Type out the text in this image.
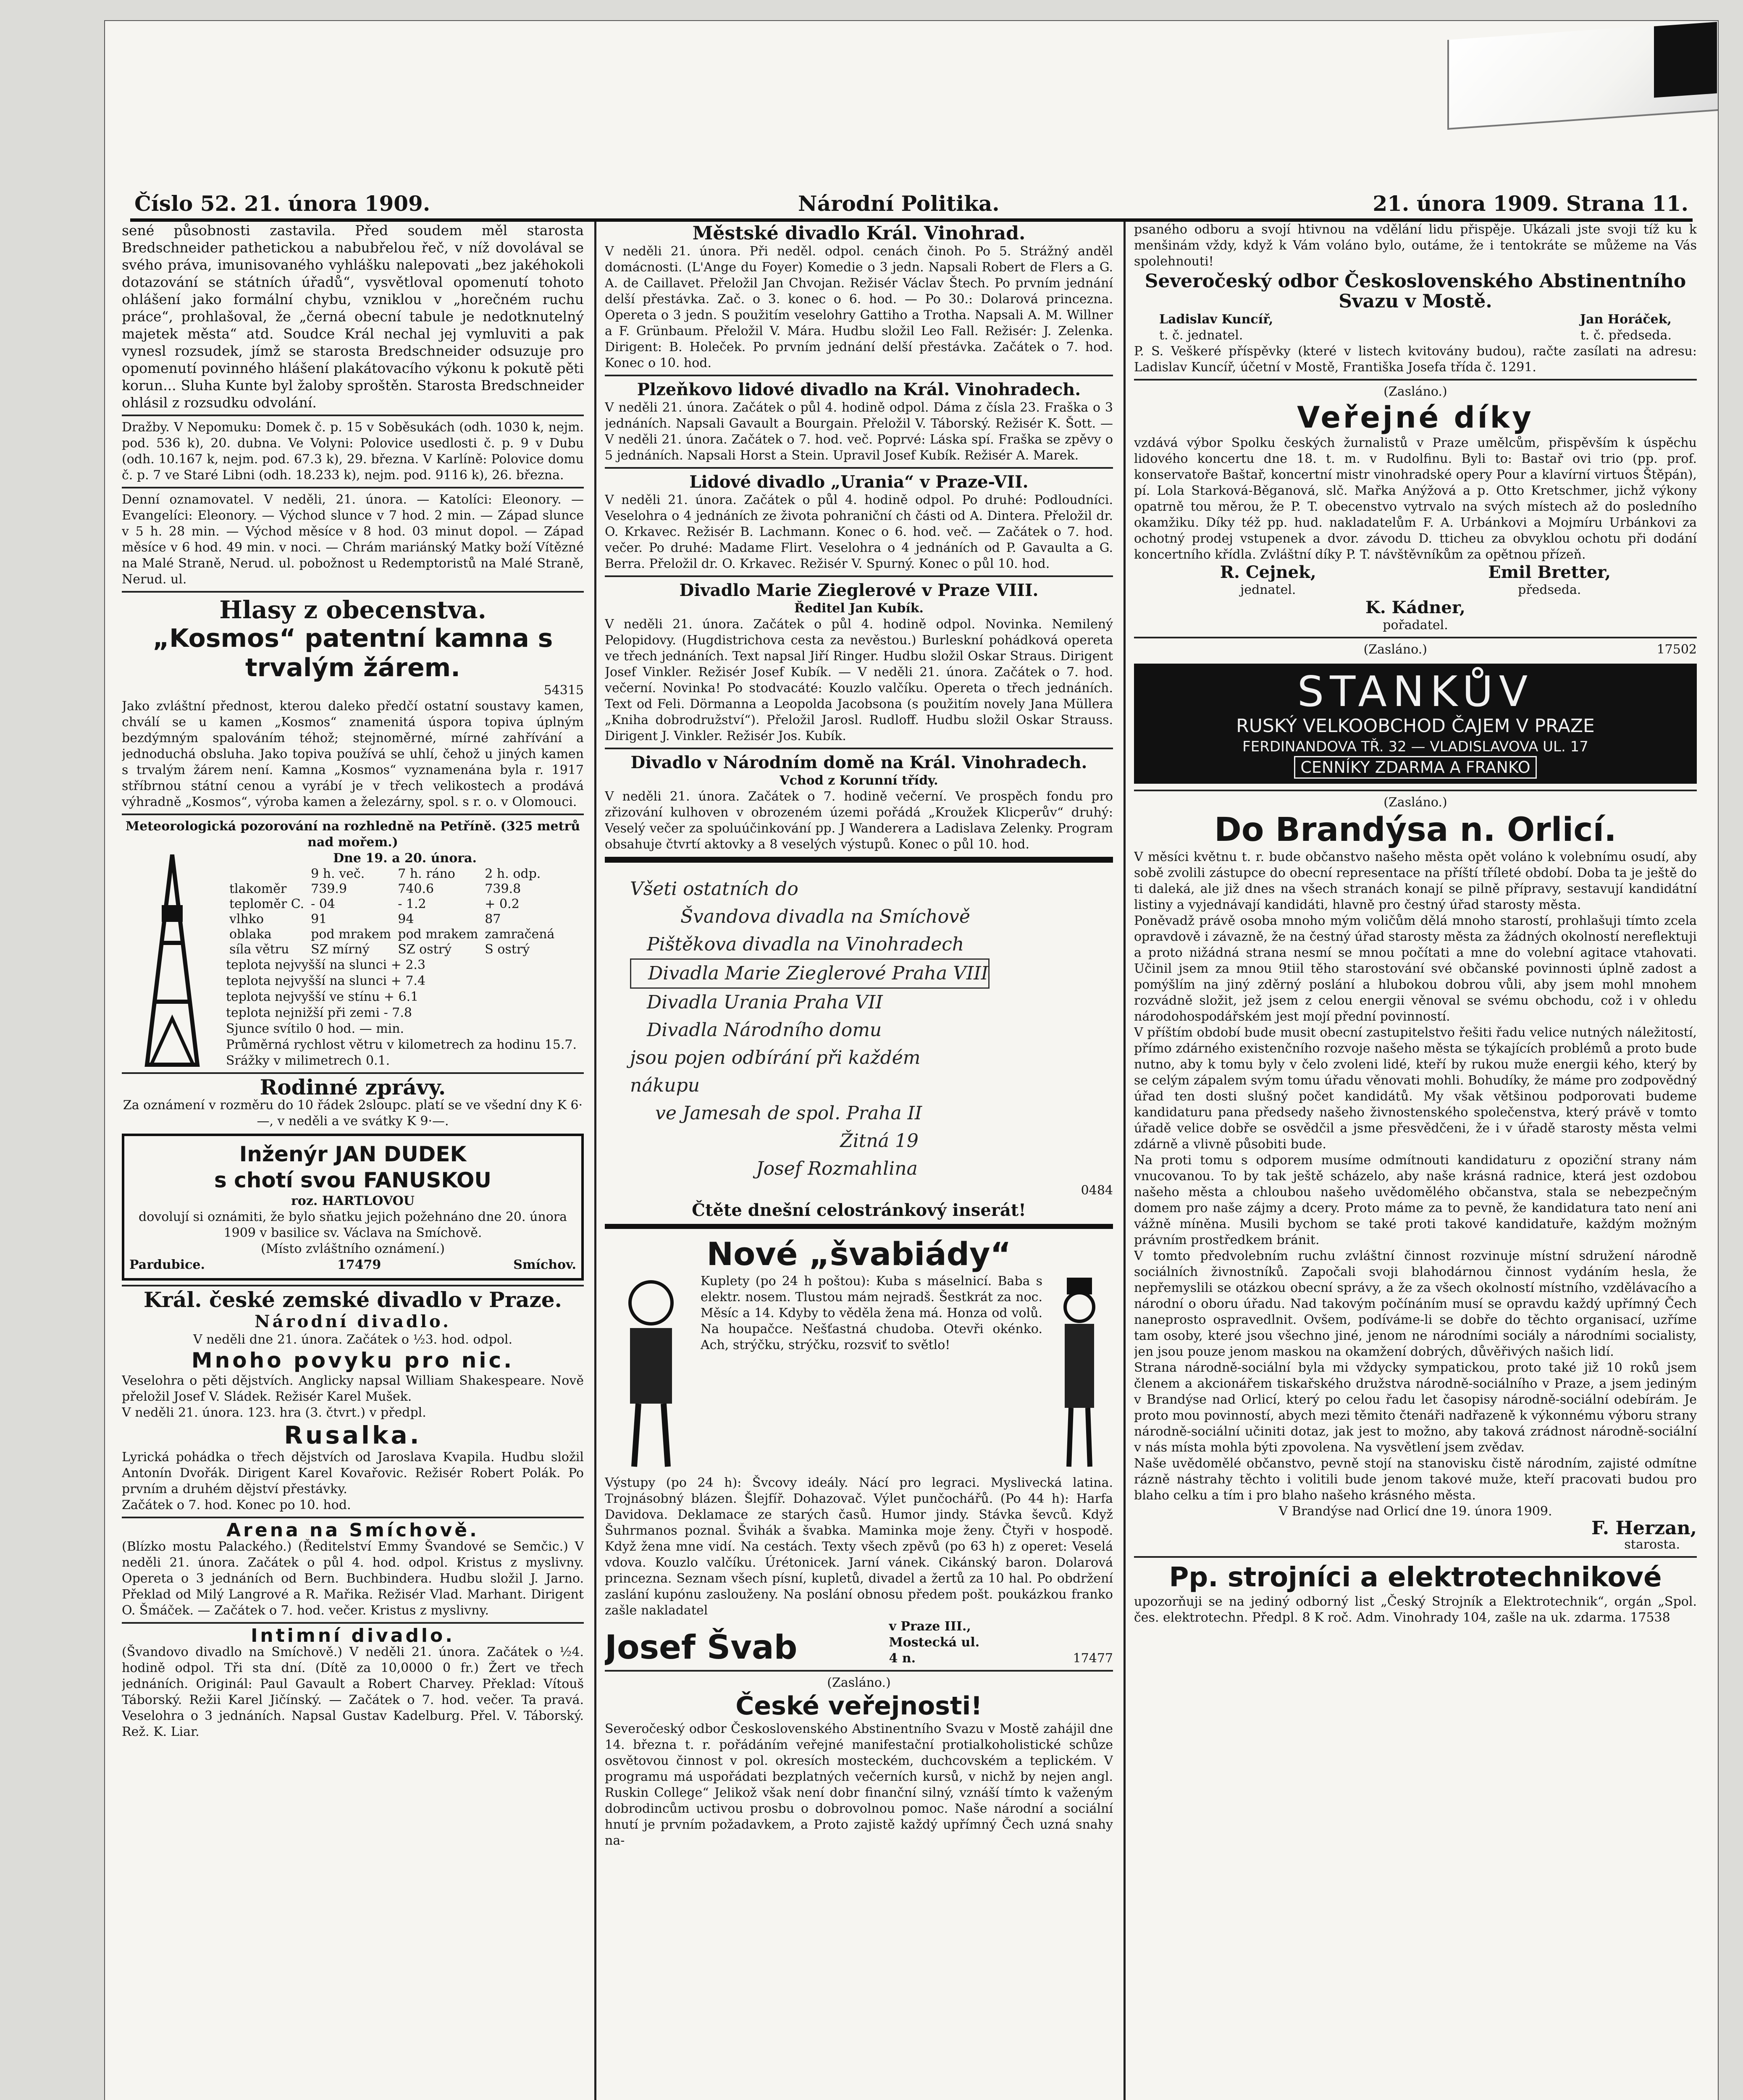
Číslo 52. 21. února 1909.	Národní Politika.	21. února 1909. Strana 11.

sené působnosti zastavila. Před soudem měl starosta Bredschneider pathetickou a nabubřelou řeč, v níž dovolával se svého práva, imunisovaného vyhlášku nalepovati „bez jakéhokoli dotazování se státních úřadů“, vysvětloval opomenutí tohoto ohlášení jako formální chybu, vzniklou v „horečném ruchu práce“, prohlašoval, že „černá obecní tabule je nedotknutelný majetek města“ atd. Soudce Král nechal jej vymluviti a pak vynesl rozsudek, jímž se starosta Bredschneider odsuzuje pro opomenutí povinného hlášení plakátovacího výkonu k pokutě pěti korun... Sluha Kunte byl žaloby sproštěn. Starosta Bredschneider ohlásil z rozsudku odvolání.

Dražby. V Nepomuku: Domek č. p. 15 v Soběsukách (odh. 1030 k, nejm. pod. 536 k), 20. dubna. Ve Volyni: Polovice usedlosti č. p. 9 v Dubu (odh. 10.167 k, nejm. pod. 67.3 k), 29. března. V Karlíně: Polovice domu č. p. 7 ve Staré Libni (odh. 18.233 k), nejm. pod. 9116 k), 26. března.

Denní oznamovatel. V neděli, 21. února. — Katolíci: Eleonory. — Evangelíci: Eleonory. — Východ slunce v 7 hod. 2 min. — Západ slunce v 5 h. 28 min. — Východ měsíce v 8 hod. 03 minut dopol. — Západ měsíce v 6 hod. 49 min. v noci. — Chrám mariánský Matky boží Vítězné na Malé Straně, Nerud. ul. pobožnost u Redemptoristů na Malé Straně, Nerud. ul.

Hlasy z obecenstva.
„Kosmos“ patentní kamna s trvalým žárem.
54315

Jako zvláštní přednost, kterou daleko předčí ostatní soustavy kamen, chválí se u kamen „Kosmos“ znamenitá úspora topiva úplným bezdýmným spalováním téhož; stejnoměrné, mírné zahřívání a jednoduchá obsluha. Jako topiva používá se uhlí, čehož u jiných kamen s trvalým žárem není. Kamna „Kosmos“ vyznamenána byla r. 1917 stříbrnou státní cenou a vyrábí je v třech velikostech a prodává výhradně „Kosmos“, výroba kamen a železárny, spol. s r. o. v Olomouci.

Meteorologická pozorování na rozhledně na Petříně. (325 metrů nad mořem.)

Dne 19. a 20. února.
	9 h. več.	7 h. ráno	2 h. odp.
tlakoměr	739.9	740.6	739.8
teploměr C.	- 04	- 1.2	+ 0.2
vlhko	91	94	87
oblaka	pod mrakem	pod mrakem	zamračená
síla větru	SZ mírný	SZ ostrý	S ostrý
teplota nejvyšší na slunci + 2.3
teplota nejvyšší na slunci + 7.4
teplota nejvyšší ve stínu + 6.1
teplota nejnižší při zemi - 7.8
Sjunce svítilo 0 hod. — min.
Průměrná rychlost větru v kilometrech za hodinu 15.7.
Srážky v milimetrech 0.1.
Rodinné zprávy.

Za oznámení v rozměru do 10 řádek 2sloupc. platí se ve všední dny K 6·—, v neděli a ve svátky K 9·—.

Inženýr JAN DUDEK
s chotí svou FANUSKOU
roz. HARTLOVOU

dovolují si oznámiti, že bylo sňatku jejich požehnáno dne 20. února 1909 v basilice sv. Václava na Smíchově.

(Místo zvláštního oznámení.)
Pardubice.	17479	Smíchov.
Král. české zemské divadlo v Praze.
Národní divadlo.

V neděli dne 21. února. Začátek o ½3. hod. odpol.

Mnoho povyku pro nic.

Veselohra o pěti dějstvích. Anglicky napsal William Shakespeare. Nově přeložil Josef V. Sládek. Režisér Karel Mušek.

V neděli 21. února. 123. hra (3. čtvrt.) v předpl.

Rusalka.

Lyrická pohádka o třech dějstvích od Jaroslava Kvapila. Hudbu složil Antonín Dvořák. Dirigent Karel Kovařovic. Režisér Robert Polák. Po prvním a druhém dějství přestávky.

Začátek o 7. hod. Konec po 10. hod.

Arena na Smíchově.

(Blízko mostu Palackého.) (Ředitelství Emmy Švandové se Semčic.) V neděli 21. února. Začátek o půl 4. hod. odpol. Kristus z myslivny. Opereta o 3 jednáních od Bern. Buchbindera. Hudbu složil J. Jarno. Překlad od Milý Langrové a R. Mařika. Režisér Vlad. Marhant. Dirigent O. Šmáček. — Začátek o 7. hod. večer. Kristus z myslivny.

Intimní divadlo.

(Švandovo divadlo na Smíchově.) V neděli 21. února. Začátek o ½4. hodině odpol. Tři sta dní. (Dítě za 10,0000 0 fr.) Žert ve třech jednáních. Originál: Paul Gavault a Robert Charvey. Překlad: Vítouš Táborský. Režii Karel Jičínský. — Začátek o 7. hod. večer. Ta pravá. Veselohra o 3 jednáních. Napsal Gustav Kadelburg. Přel. V. Táborský. Rež. K. Liar.

Městské divadlo Král. Vinohrad.

V neděli 21. února. Při neděl. odpol. cenách činoh. Po 5. Strážný anděl domácnosti. (L'Ange du Foyer) Komedie o 3 jedn. Napsali Robert de Flers a G. A. de Caillavet. Přeložil Jan Chvojan. Režisér Václav Štech. Po prvním jednání delší přestávka. Zač. o 3. konec o 6. hod. — Po 30.: Dolarová princezna. Opereta o 3 jedn. S použitím veselohry Gattiho a Trotha. Napsali A. M. Willner a F. Grünbaum. Přeložil V. Mára. Hudbu složil Leo Fall. Režisér: J. Zelenka. Dirigent: B. Holeček. Po prvním jednání delší přestávka. Začátek o 7. hod. Konec o 10. hod.

Plzeňkovo lidové divadlo na Král. Vinohradech.

V neděli 21. února. Začátek o půl 4. hodině odpol. Dáma z čísla 23. Fraška o 3 jednáních. Napsali Gavault a Bourgain. Přeložil V. Táborský. Režisér K. Šott. — V neděli 21. února. Začátek o 7. hod. več. Poprvé: Láska spí. Fraška se zpěvy o 5 jednáních. Napsali Horst a Stein. Upravil Josef Kubík. Režisér A. Marek.

Lidové divadlo „Urania“ v Praze-VII.

V neděli 21. února. Začátek o půl 4. hodině odpol. Po druhé: Podloudníci. Veselohra o 4 jednáních ze života pohraniční ch části od A. Dintera. Přeložil dr. O. Krkavec. Režisér B. Lachmann. Konec o 6. hod. več. — Začátek o 7. hod. večer. Po druhé: Madame Flirt. Veselohra o 4 jednáních od P. Gavaulta a G. Berra. Přeložil dr. O. Krkavec. Režisér V. Spurný. Konec o půl 10. hod.

Divadlo Marie Zieglerové v Praze VIII.
Ředitel Jan Kubík.

V neděli 21. února. Začátek o půl 4. hodině odpol. Novinka. Nemilený Pelopidovy. (Hugdistrichova cesta za nevěstou.) Burleskní pohádková opereta ve třech jednáních. Text napsal Jiří Ringer. Hudbu složil Oskar Straus. Dirigent Josef Vinkler. Režisér Josef Kubík. — V neděli 21. února. Začátek o 7. hod. večerní. Novinka! Po stodvacáté: Kouzlo valčíku. Opereta o třech jednáních. Text od Feli. Dörmanna a Leopolda Jacobsona (s použitím novely Jana Müllera „Kniha dobrodružství“). Přeložil Jarosl. Rudloff. Hudbu složil Oskar Strauss. Dirigent J. Vinkler. Režisér Jos. Kubík.

Divadlo v Národním domě na Král. Vinohradech.
Vchod z Korunní třídy.

V neděli 21. února. Začátek o 7. hodině večerní. Ve prospěch fondu pro zřizování kulhoven v obrozeném územi pořádá „Kroužek Klicperův“ druhý: Veselý večer za spoluúčinkování pp. J Wanderera a Ladislava Zelenky. Program obsahuje čtvrtí aktovky a 8 veselých výstupů. Konec o půl 10. hod.

Všeti ostatních do
Švandova divadla na Smíchově
Pištěkova divadla na Vinohradech
Divadla Marie Zieglerové Praha VIII
Divadla Urania Praha VII
Divadla Národního domu
jsou pojen odbírání při každém
nákupu
ve Jamesah de spol. Praha II
Žitná 19
Josef Rozmahlina
0484
Čtěte dnešní celostránkový inserát!
Nové „švabiády“

Kuplety (po 24 h poštou): Kuba s máselnicí. Baba s elektr. nosem. Tlustou mám nejradš. Šestkrát za noc. Měsíc a 14. Kdyby to věděla žena má. Honza od volů. Na houpačce. Nešťastná chudoba. Otevři okénko. Ach, strýčku, strýčku, rozsviť to světlo!

Výstupy (po 24 h): Švcovy ideály. Nácí pro legraci. Myslivecká latina. Trojnásobný blázen. Šlejfíř. Dohazovač. Výlet punčochářů. (Po 44 h): Harfa Davidova. Deklamace ze starých časů. Humor jindy. Stávka ševců. Když Šuhrmanos poznal. Švihák a švabka. Maminka moje ženy. Čtyři v hospodě. Když žena mne vidí. Na cestách. Texty všech zpěvů (po 63 h) z operet: Veselá vdova. Kouzlo valčíku. Úrétonicek. Jarní vánek. Cikánský baron. Dolarová princezna. Seznam všech písní, kupletů, divadel a žertů za 10 hal. Po obdržení zaslání kupónu zaslouženy. Na poslání obnosu předem pošt. poukázkou franko zašle nakladatel

Josef Švab
v Praze III., Mostecká ul. 4 n.	17477
(Zasláno.)
České veřejnosti!

Severočeský odbor Československého Abstinentního Svazu v Mostě zahájil dne 14. března t. r. pořádáním veřejné manifestační protialkoholistické schůze osvětovou činnost v pol. okresích mosteckém, duchcovském a teplickém. V programu má uspořádati bezplatných večerních kursů, v nichž by nejen angl. Ruskin College“ Jelikož však není dobr finanční silný, vznáší tímto k važeným dobrodincům uctivou prosbu o dobrovolnou pomoc. Naše národní a sociální hnutí je prvním požadavkem, a Proto zajistě každý upřímný Čech uzná snahy na-

psaného odboru a svojí htivnou na vdělání lidu přispěje. Ukázali jste svoji tíž ku k menšinám vždy, když k Vám voláno bylo, outáme, že i tentokráte se můžeme na Vás spolehnouti!

Severočeský odbor Československého Abstinentního Svazu v Mostě.
Ladislav Kuncíř,	Jan Horáček,
t. č. jednatel.	t. č. předseda.

P. S. Veškeré příspěvky (které v listech kvitovány budou), račte zasílati na adresu: Ladislav Kuncíř, účetní v Mostě, Františka Josefa třída č. 1291.

(Zasláno.)
Veřejné díky

vzdává výbor Spolku českých žurnalistů v Praze umělcům, přispěvším k úspěchu lidového koncertu dne 18. t. m. v Rudolfinu. Byli to: Bastař ovi trio (pp. prof. konservatoře Baštař, koncertní mistr vinohradské opery Pour a klavírní virtuos Štěpán), pí. Lola Starková-Běganová, slč. Mařka Anýžová a p. Otto Kretschmer, jichž výkony opatrně tou měrou, že P. T. obecenstvo vytrvalo na svých místech až do posledního okamžiku. Díky též pp. hud. nakladatelům F. A. Urbánkovi a Mojmíru Urbánkovi za ochotný prodej vstupenek a dvor. závodu D. tticheu za obvyklou ochotu při dodání koncertního křídla. Zvláštní díky P. T. návštěvníkům za opětnou přízeň.

R. Cejnek,
jednatel.
Emil Bretter,
předseda.
K. Kádner,
pořadatel.
(Zasláno.)	17502
STANKŮV
RUSKÝ VELKOOBCHOD ČAJEM V PRAZE
FERDINANDOVA TŘ. 32 — VLADISLAVOVA UL. 17
CENNÍKY ZDARMA A FRANKO
(Zasláno.)
Do Brandýsa n. Orlicí.

V měsíci květnu t. r. bude občanstvo našeho města opět voláno k volebnímu osudí, aby sobě zvolili zástupce do obecní representace na příští tříleté období. Doba ta je ještě do ti daleká, ale již dnes na všech stranách konají se pilně přípravy, sestavují kandidátní listiny a vyjednávají kandidáti, hlavně pro čestný úřad starosty města.

Poněvadž právě osoba mnoho mým voličům dělá mnoho starostí, prohlašuji tímto zcela opravdově i závazně, že na čestný úřad starosty města za žádných okolností nereflektuji a proto nižádná strana nesmí se mnou počítati a mne do volební agitace vtahovati. Učinil jsem za mnou 9tiil těho starostování své občanské povinnosti úplně zadost a pomýšlím na jiný zděrný poslání a hlubokou dobrou vůli, aby jsem mohl mnohem rozvádně složit, jež jsem z celou energii věnoval se svému obchodu, což i v ohledu národohospodářském jest mojí přední povinností.

V příštím období bude musit obecní zastupitelstvo řešiti řadu velice nutných náležitostí, přímo zdárného existenčního rozvoje našeho města se týkajících problémů a proto bude nutno, aby k tomu byly v čelo zvoleni lidé, kteří by rukou muže energii kého, který by se celým zápalem svým tomu úřadu věnovati mohli. Bohudíky, že máme pro zodpovědný úřad ten dosti slušný počet kandidátů. My však většinou podporovati budeme kandidaturu pana předsedy našeho živnostenského společenstva, který právě v tomto úřadě velice dobře se osvědčil a jsme přesvědčeni, že i v úřadě starosty města velmi zdárně a vlivně působiti bude.

Na proti tomu s odporem musíme odmítnouti kandidaturu z opoziční strany nám vnucovanou. To by tak ještě scházelo, aby naše krásná radnice, která jest ozdobou našeho města a chloubou našeho uvědomělého občanstva, stala se nebezpečným domem pro naše zájmy a dcery. Proto máme za to pevně, že kandidatura tato není ani vážně míněna. Musili bychom se také proti takové kandidatuře, každým možným právním prostředkem bránit.

V tomto předvolebním ruchu zvláštní činnost rozvinuje místní sdružení národně sociálních živnostníků. Započali svoji blahodárnou činnost vydáním hesla, že nepřemyslili se otázkou obecní správy, a že za všech okolností místního, vzdělávacího a národní o oboru úřadu. Nad takovým počínáním musí se opravdu každý upřímný Čech naneprosto ospravedlnit. Ovšem, podíváme-li se dobře do těchto organisací, uzříme tam osoby, které jsou všechno jiné, jenom ne národními sociály a národními socialisty, jen jsou pouze jenom maskou na okamžení dobrých, důvěřivých našich lidí.

Strana národně-sociální byla mi vždycky sympatickou, proto také již 10 roků jsem členem a akcionářem tiskařského družstva národně-sociálního v Praze, a jsem jediným v Brandýse nad Orlicí, který po celou řadu let časopisy národně-sociální odebírám. Je proto mou povinností, abych mezi těmito čtenáři nadřazeně k výkonnému výboru strany národně-sociální učiniti dotaz, jak jest to možno, aby taková zrádnost národně-sociální v nás místa mohla býti zpovolena. Na vysvětlení jsem zvědav.

Naše uvědomělé občanstvo, pevně stojí na stanovisku čistě národním, zajisté odmítne rázně nástrahy těchto i volitili bude jenom takové muže, kteří pracovati budou pro blaho celku a tím i pro blaho našeho krásného města.

V Brandýse nad Orlicí dne 19. února 1909.
F. Herzan,
starosta.
Pp. strojníci a elektrotechnikové

upozorňuji se na jediný odborný list „Český Strojník a Elektrotechnik“, orgán „Spol. čes. elektrotechn. Předpl. 8 K roč. Adm. Vinohrady 104, zašle na uk. zdarma. 17538
